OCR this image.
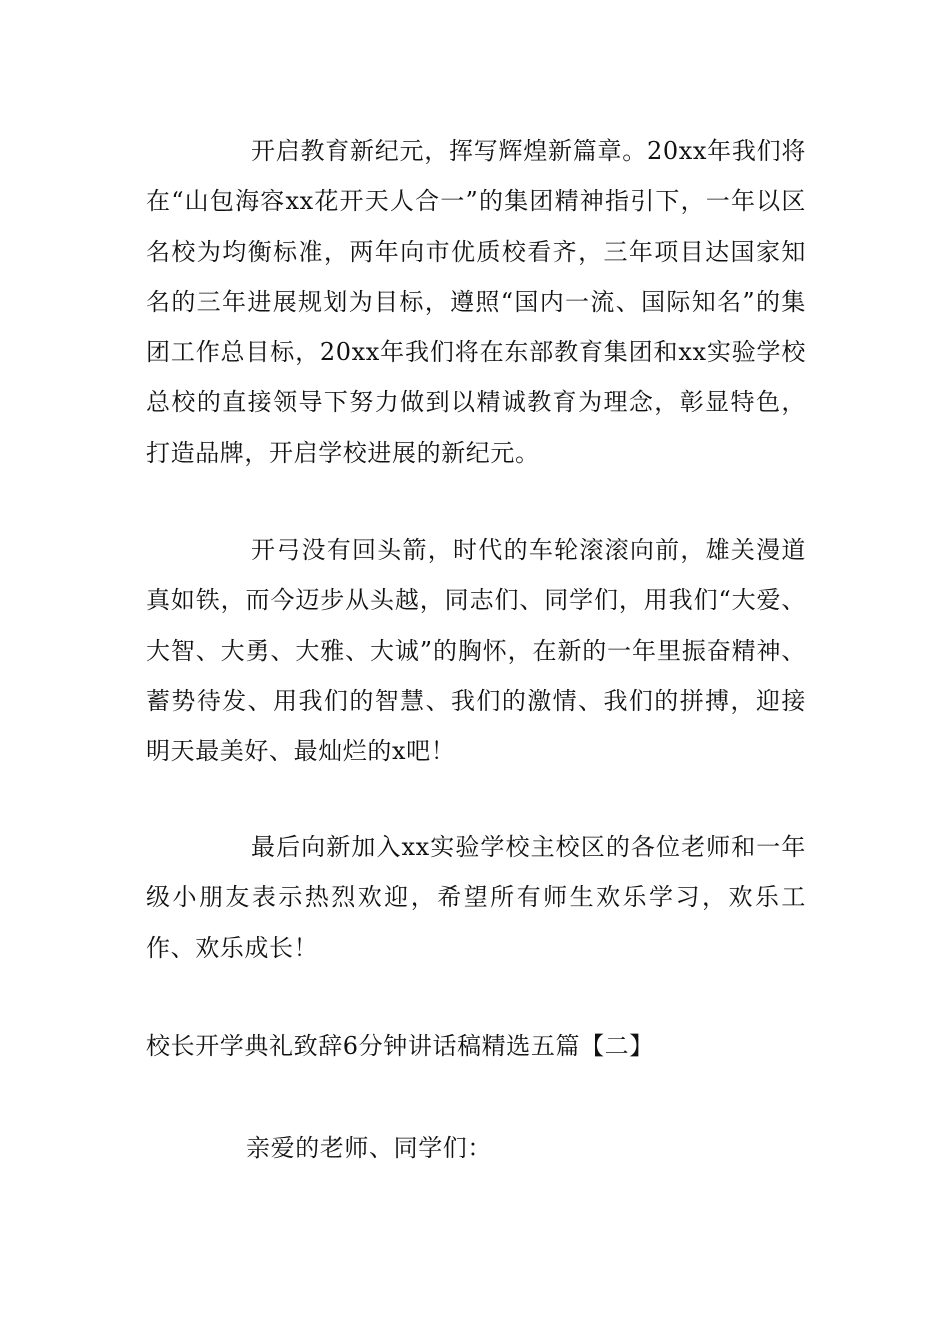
开启教育新纪元，挥写辉煌新篇章。20xx年我们将在“山包海容xx花开天人合一”的集团精神指引下，一年以区名校为均衡标准，两年向市优质校看齐，三年项目达国家知名的三年进展规划为目标，遵照“国内一流、国际知名”的集团工作总目标，20xx年我们将在东部教育集团和xx实验学校总校的直接领导下努力做到以精诚教育为理念，彰显特色，打造品牌，开启学校进展的新纪元。

开弓没有回头箭，时代的车轮滚滚向前，雄关漫道真如铁，而今迈步从头越，同志们、同学们，用我们“大爱、大智、大勇、大雅、大诚”的胸怀，在新的一年里振奋精神、蓄势待发、用我们的智慧、我们的激情、我们的拼搏，迎接明天最美好、最灿烂的x吧！

最后向新加入xx实验学校主校区的各位老师和一年级小朋友表示热烈欢迎，希望所有师生欢乐学习，欢乐工作、欢乐成长！

校长开学典礼致辞6分钟讲话稿精选五篇【二】

亲爱的老师、同学们：
